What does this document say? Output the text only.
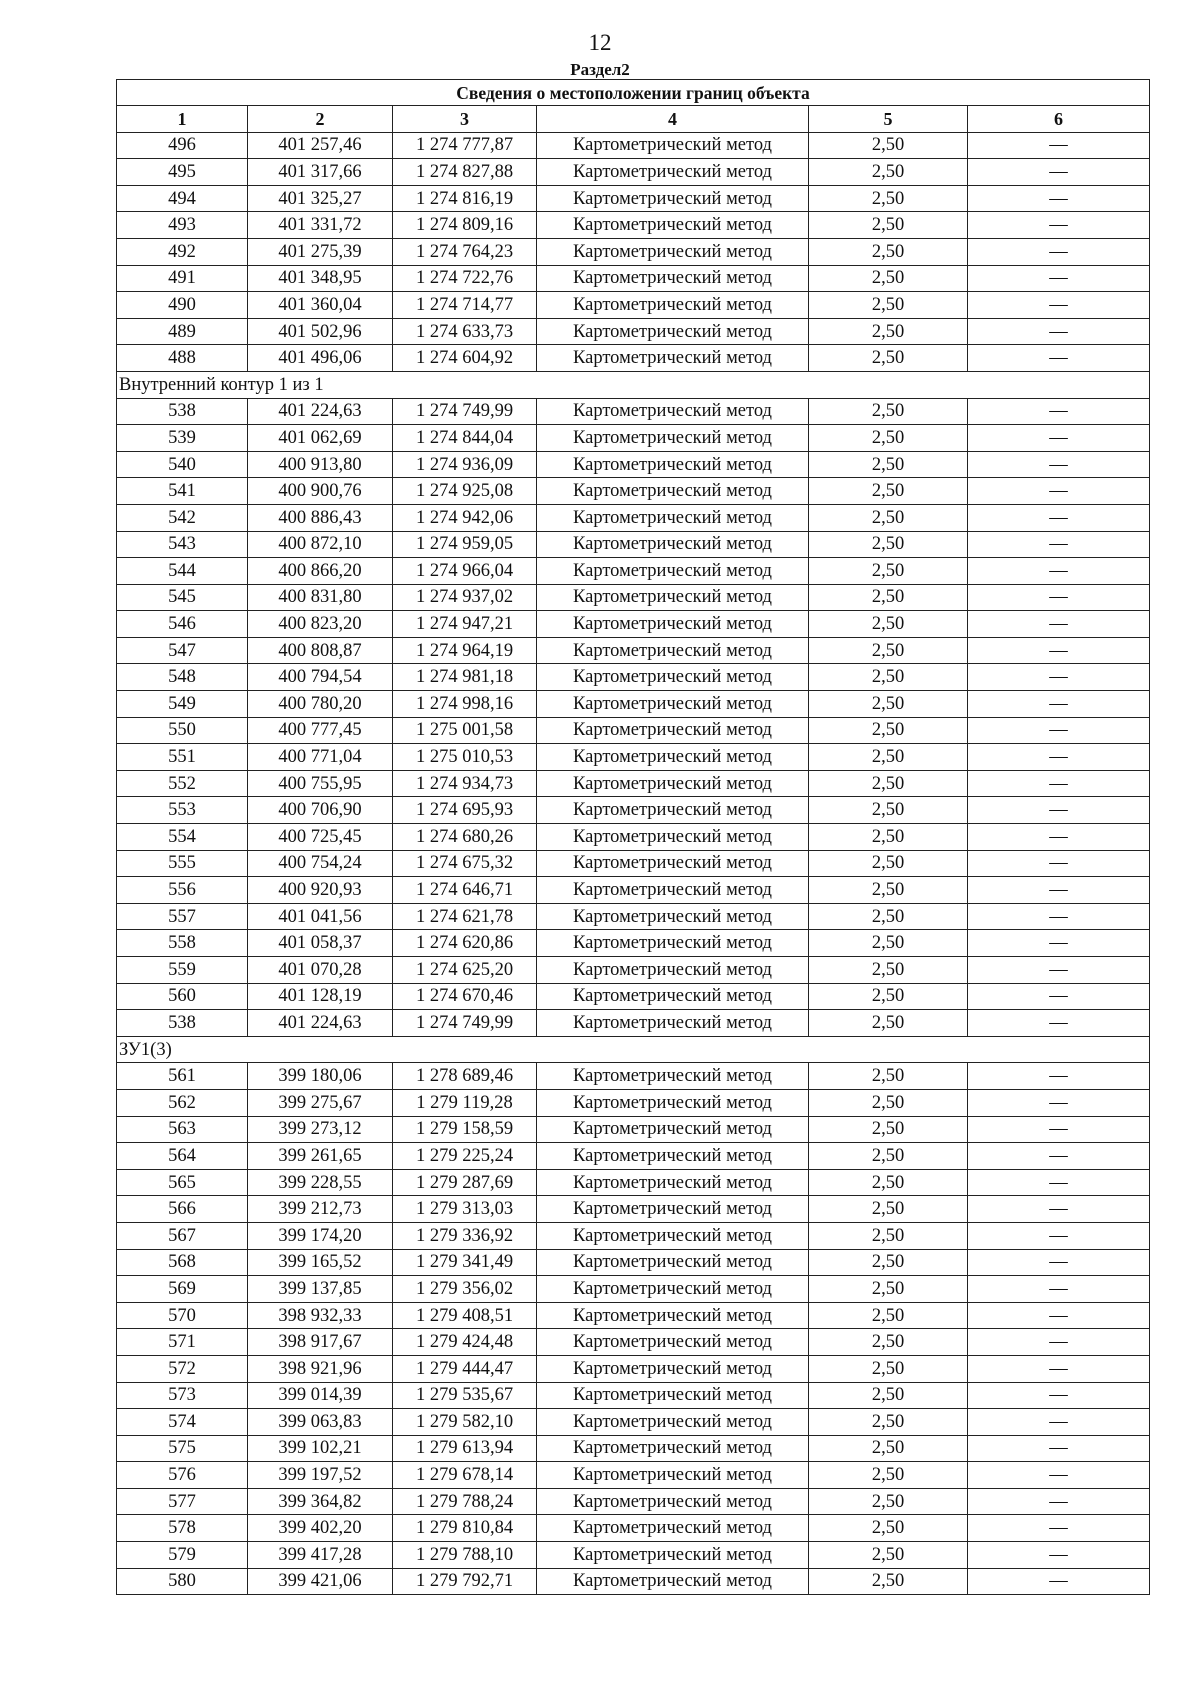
12
Раздел2
Сведения о местоположении границ объекта					
1	2	3	4	5	6
496	401 257,46	1 274 777,87	Картометрический метод	2,50	—
495	401 317,66	1 274 827,88	Картометрический метод	2,50	—
494	401 325,27	1 274 816,19	Картометрический метод	2,50	—
493	401 331,72	1 274 809,16	Картометрический метод	2,50	—
492	401 275,39	1 274 764,23	Картометрический метод	2,50	—
491	401 348,95	1 274 722,76	Картометрический метод	2,50	—
490	401 360,04	1 274 714,77	Картометрический метод	2,50	—
489	401 502,96	1 274 633,73	Картометрический метод	2,50	—
488	401 496,06	1 274 604,92	Картометрический метод	2,50	—
Внутренний контур 1 из 1					
538	401 224,63	1 274 749,99	Картометрический метод	2,50	—
539	401 062,69	1 274 844,04	Картометрический метод	2,50	—
540	400 913,80	1 274 936,09	Картометрический метод	2,50	—
541	400 900,76	1 274 925,08	Картометрический метод	2,50	—
542	400 886,43	1 274 942,06	Картометрический метод	2,50	—
543	400 872,10	1 274 959,05	Картометрический метод	2,50	—
544	400 866,20	1 274 966,04	Картометрический метод	2,50	—
545	400 831,80	1 274 937,02	Картометрический метод	2,50	—
546	400 823,20	1 274 947,21	Картометрический метод	2,50	—
547	400 808,87	1 274 964,19	Картометрический метод	2,50	—
548	400 794,54	1 274 981,18	Картометрический метод	2,50	—
549	400 780,20	1 274 998,16	Картометрический метод	2,50	—
550	400 777,45	1 275 001,58	Картометрический метод	2,50	—
551	400 771,04	1 275 010,53	Картометрический метод	2,50	—
552	400 755,95	1 274 934,73	Картометрический метод	2,50	—
553	400 706,90	1 274 695,93	Картометрический метод	2,50	—
554	400 725,45	1 274 680,26	Картометрический метод	2,50	—
555	400 754,24	1 274 675,32	Картометрический метод	2,50	—
556	400 920,93	1 274 646,71	Картометрический метод	2,50	—
557	401 041,56	1 274 621,78	Картометрический метод	2,50	—
558	401 058,37	1 274 620,86	Картометрический метод	2,50	—
559	401 070,28	1 274 625,20	Картометрический метод	2,50	—
560	401 128,19	1 274 670,46	Картометрический метод	2,50	—
538	401 224,63	1 274 749,99	Картометрический метод	2,50	—
ЗУ1(3)					
561	399 180,06	1 278 689,46	Картометрический метод	2,50	—
562	399 275,67	1 279 119,28	Картометрический метод	2,50	—
563	399 273,12	1 279 158,59	Картометрический метод	2,50	—
564	399 261,65	1 279 225,24	Картометрический метод	2,50	—
565	399 228,55	1 279 287,69	Картометрический метод	2,50	—
566	399 212,73	1 279 313,03	Картометрический метод	2,50	—
567	399 174,20	1 279 336,92	Картометрический метод	2,50	—
568	399 165,52	1 279 341,49	Картометрический метод	2,50	—
569	399 137,85	1 279 356,02	Картометрический метод	2,50	—
570	398 932,33	1 279 408,51	Картометрический метод	2,50	—
571	398 917,67	1 279 424,48	Картометрический метод	2,50	—
572	398 921,96	1 279 444,47	Картометрический метод	2,50	—
573	399 014,39	1 279 535,67	Картометрический метод	2,50	—
574	399 063,83	1 279 582,10	Картометрический метод	2,50	—
575	399 102,21	1 279 613,94	Картометрический метод	2,50	—
576	399 197,52	1 279 678,14	Картометрический метод	2,50	—
577	399 364,82	1 279 788,24	Картометрический метод	2,50	—
578	399 402,20	1 279 810,84	Картометрический метод	2,50	—
579	399 417,28	1 279 788,10	Картометрический метод	2,50	—
580	399 421,06	1 279 792,71	Картометрический метод	2,50	—
